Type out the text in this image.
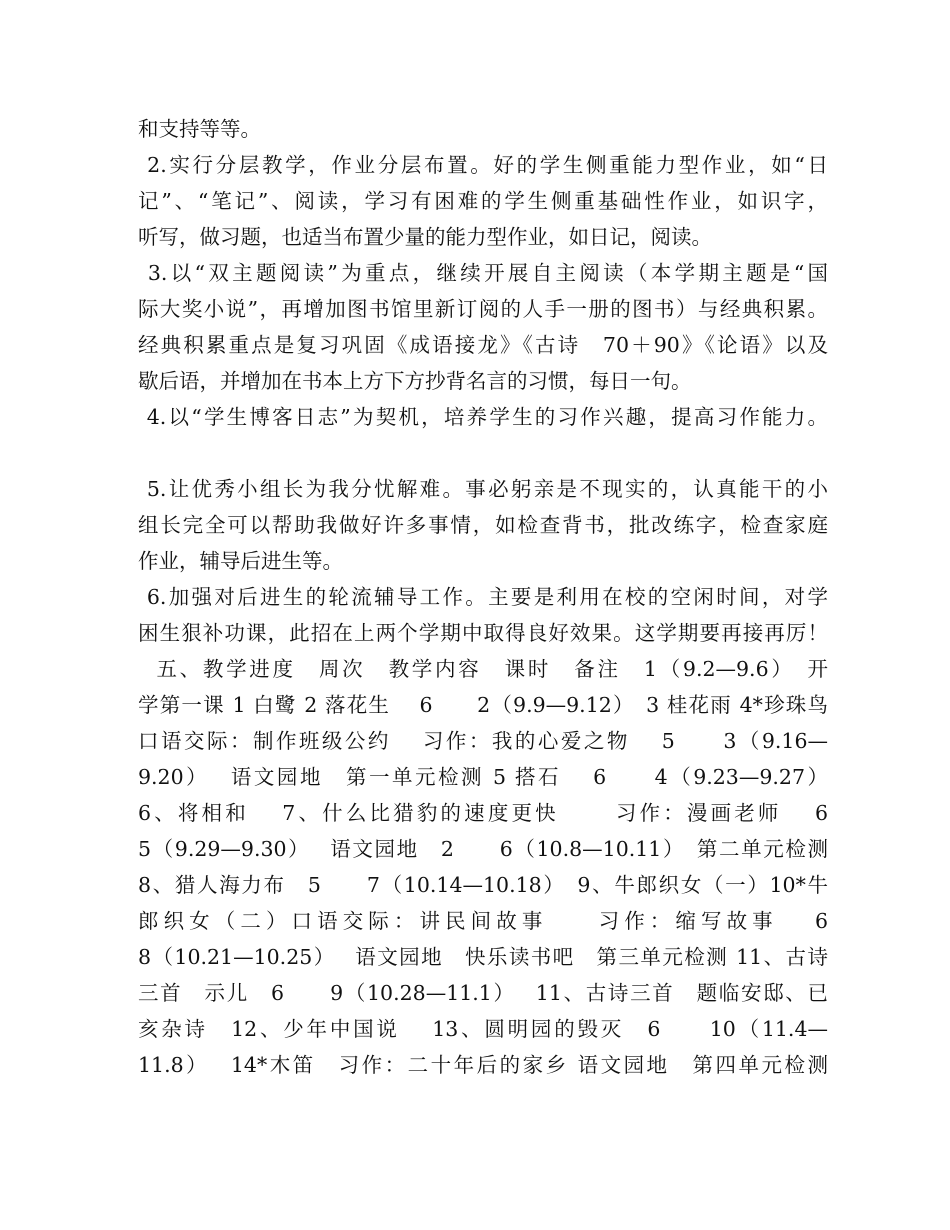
和支持等等。
2.实行分层教学，作业分层布置。好的学生侧重能力型作业，如“日
记”、“笔记”、阅读，学习有困难的学生侧重基础性作业，如识字，
听写，做习题，也适当布置少量的能力型作业，如日记，阅读。
3.以“双主题阅读”为重点，继续开展自主阅读（本学期主题是“国
际大奖小说”，再增加图书馆里新订阅的人手一册的图书）与经典积累。
经典积累重点是复习巩固《成语接龙》《古诗　70＋90》《论语》以及
歇后语，并增加在书本上方下方抄背名言的习惯，每日一句。
4.以“学生博客日志”为契机，培养学生的习作兴趣，提高习作能力。
5.让优秀小组长为我分忧解难。事必躬亲是不现实的，认真能干的小
组长完全可以帮助我做好许多事情，如检查背书，批改练字，检查家庭
作业，辅导后进生等。
6.加强对后进生的轮流辅导工作。主要是利用在校的空闲时间，对学
困生狠补功课，此招在上两个学期中取得良好效果。这学期要再接再厉！
五、教学进度　周次　教学内容　课时　备注　1（9.2—9.6）　开
学第一课 1 白鹭 2 落花生　 6　　2（9.9—9.12）　3 桂花雨 4*珍珠鸟
口语交际：制作班级公约　 习作：我的心爱之物　 5　　3（9.16—
9.20）　 语文园地　第一单元检测 5 搭石　 6　　4（9.23—9.27）
6、将相和　 7、什么比猎豹的速度更快　　 习作：漫画老师　 6
5（9.29—9.30）　 语文园地　2　　6（10.8—10.11）　第二单元检测
8、猎人海力布　5　　7（10.14—10.18）　9、牛郎织女（一）10*牛
郎织女（二）口语交际：讲民间故事　　习作：缩写故事　 6
8（10.21—10.25）　 语文园地　快乐读书吧　第三单元检测 11、古诗
三首　示儿　6　　9（10.28—11.1）　 11、古诗三首　题临安邸、已
亥杂诗　12、少年中国说　 13、圆明园的毁灭　6　　10（11.4—
11.8）　 14*木笛　习作：二十年后的家乡 语文园地　第四单元检测
